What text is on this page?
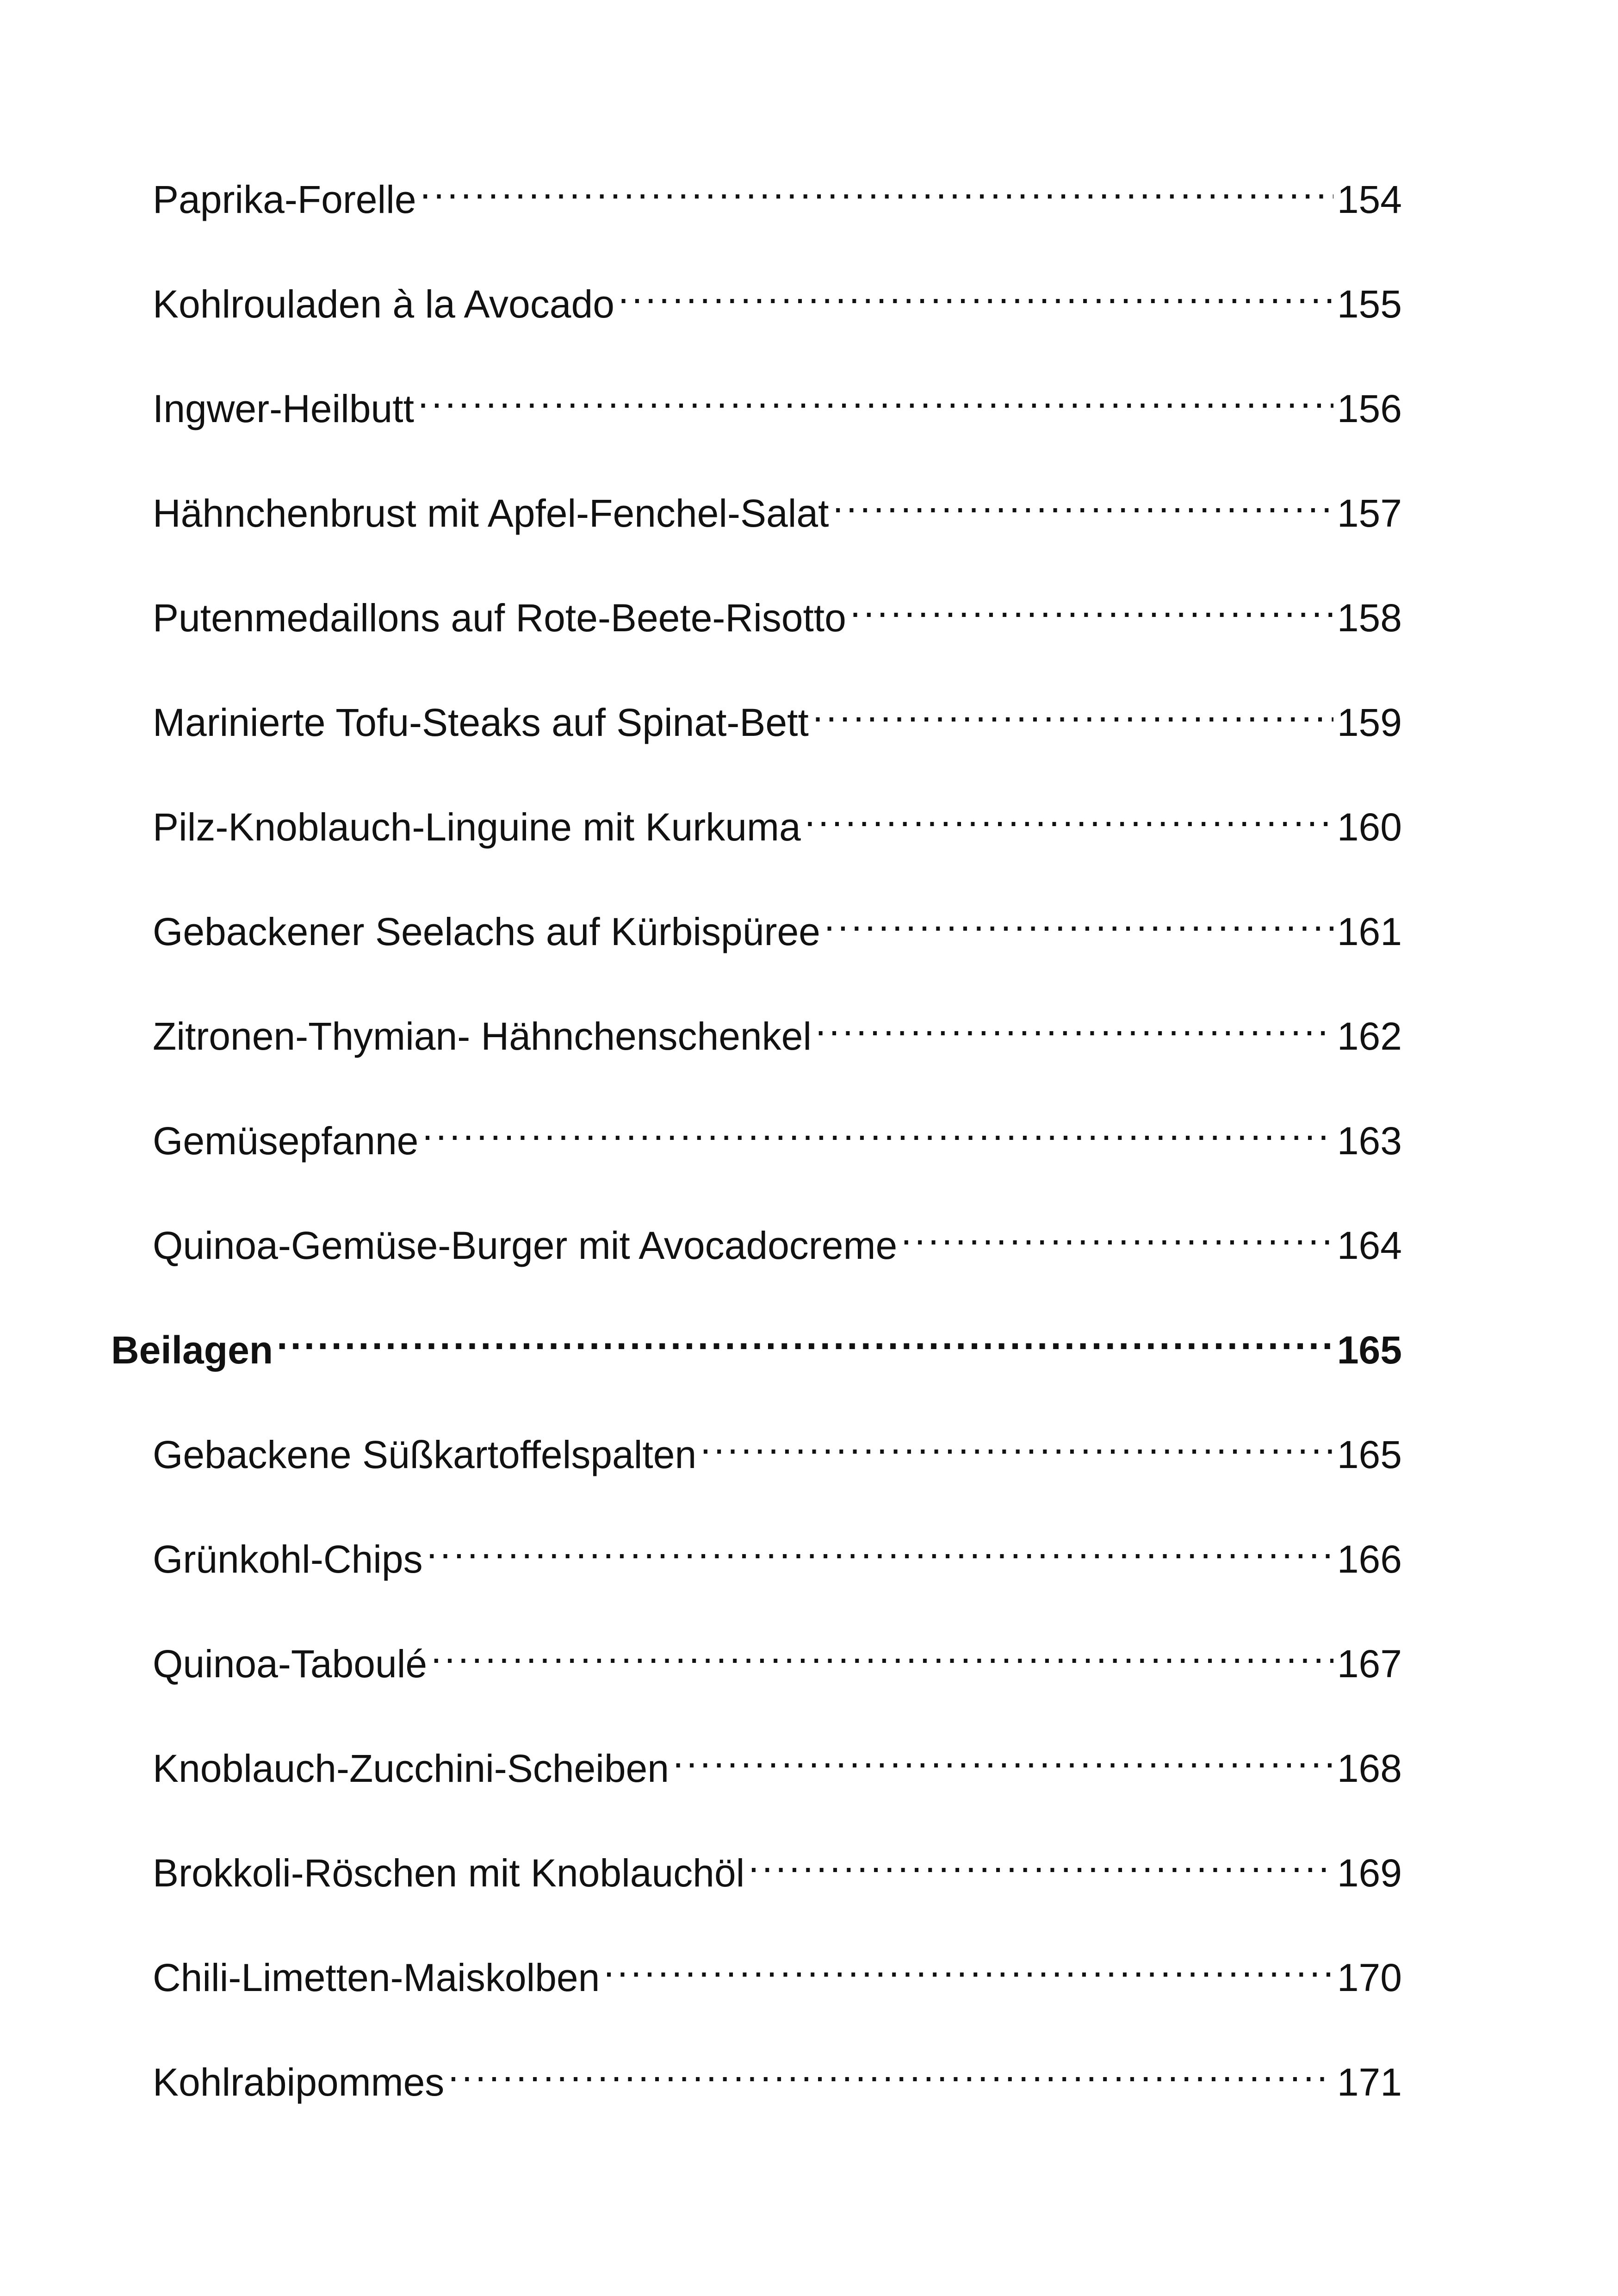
Paprika-Forelle .....	154
Kohlrouladen à la Avocado .....	155
Ingwer-Heilbutt .....	156
Hähnchenbrust mit Apfel-Fenchel-Salat .....	157
Putenmedaillons auf Rote-Beete-Risotto .....	158
Marinierte Tofu-Steaks auf Spinat-Bett .....	159
Pilz-Knoblauch-Linguine mit Kurkuma .....	160
Gebackener Seelachs auf Kürbispüree .....	161
Zitronen-Thymian- Hähnchenschenkel .....	162
Gemüsepfanne .....	163
Quinoa-Gemüse-Burger mit Avocadocreme .....	164
Beilagen .....	165
Gebackene Süßkartoffelspalten .....	165
Grünkohl-Chips .....	166
Quinoa-Taboulé .....	167
Knoblauch-Zucchini-Scheiben .....	168
Brokkoli-Röschen mit Knoblauchöl .....	169
Chili-Limetten-Maiskolben .....	170
Kohlrabipommes .....	171
